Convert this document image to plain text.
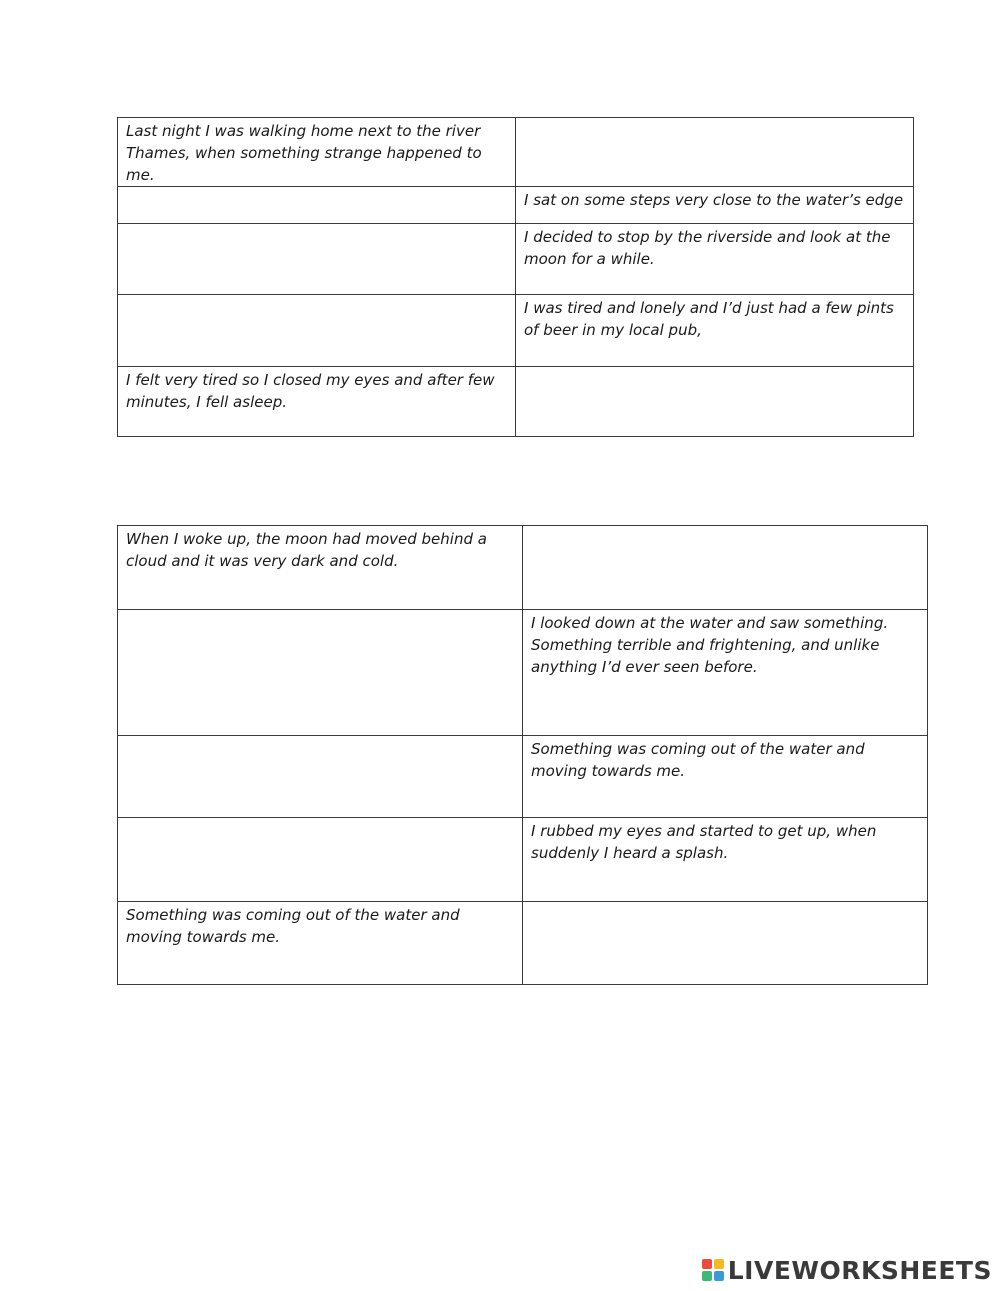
Last night I was walking home next to the river Thames, when something strange happened to me.	
	I sat on some steps very close to the water’s edge
	I decided to stop by the riverside and look at the moon for a while.
	I was tired and lonely and I’d just had a few pints of beer in my local pub,
I felt very tired so I closed my eyes and after few minutes, I fell asleep.	
When I woke up, the moon had moved behind a cloud and it was very dark and cold.	
	I looked down at the water and saw something. Something terrible and frightening, and unlike anything I’d ever seen before.
	Something was coming out of the water and moving towards me.
	I rubbed my eyes and started to get up, when suddenly I heard a splash.
Something was coming out of the water and moving towards me.	
LIVEWORKSHEETS
